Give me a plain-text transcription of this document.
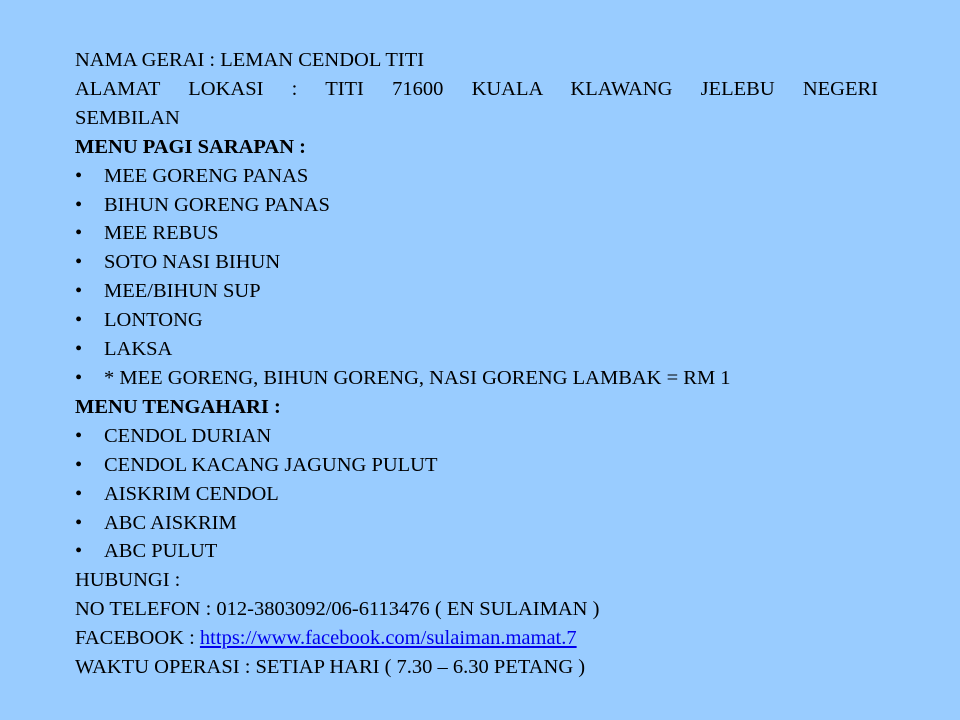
NAMA GERAI : LEMAN CENDOL TITI
ALAMAT LOKASI : TITI 71600 KUALA KLAWANG JELEBU NEGERI
SEMBILAN
MENU PAGI SARAPAN :
•	MEE GORENG PANAS
•	BIHUN GORENG PANAS
•	MEE REBUS
•	SOTO NASI BIHUN
•	MEE/BIHUN SUP
•	LONTONG
•	LAKSA
•	* MEE GORENG, BIHUN GORENG, NASI GORENG LAMBAK = RM 1
MENU TENGAHARI :
•	CENDOL DURIAN
•	CENDOL KACANG JAGUNG PULUT
•	AISKRIM CENDOL
•	ABC AISKRIM
•	ABC PULUT
HUBUNGI :
NO TELEFON : 012-3803092/06-6113476 ( EN SULAIMAN )
FACEBOOK : https://www.facebook.com/sulaiman.mamat.7
WAKTU OPERASI : SETIAP HARI ( 7.30 – 6.30 PETANG )
